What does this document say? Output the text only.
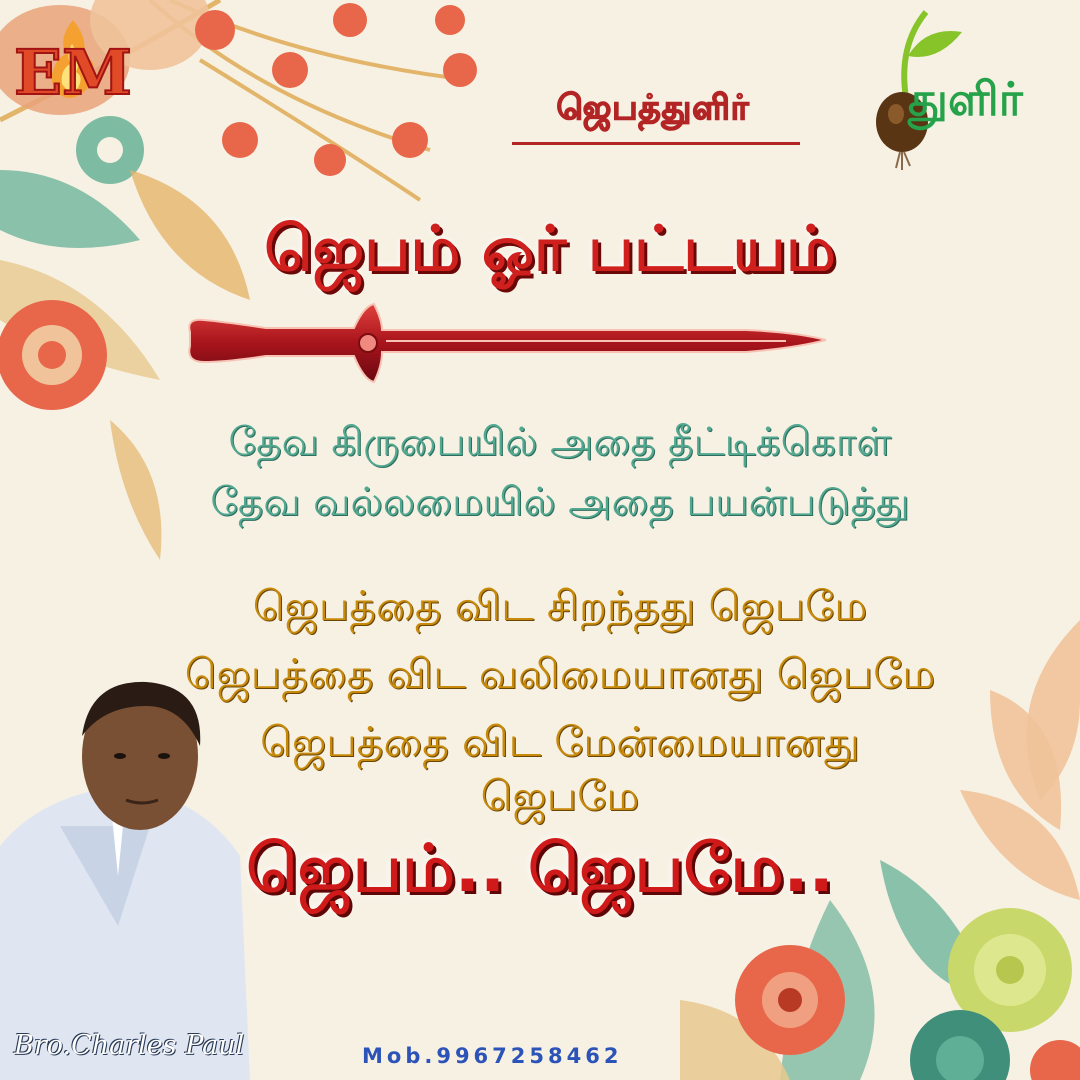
EM	ஜெபத்துளிர்	துளிர்
ஜெபம் ஓர் பட்டயம்
தேவ கிருபையில் அதை தீட்டிக்கொள்
தேவ வல்லமையில் அதை பயன்படுத்து
ஜெபத்தை விட சிறந்தது ஜெபமே
ஜெபத்தை விட வலிமையானது ஜெபமே
ஜெபத்தை விட மேன்மையானது ஜெபமே
ஜெபம்.. ஜெபமே..
Bro.Charles Paul	Mob.9967258462
